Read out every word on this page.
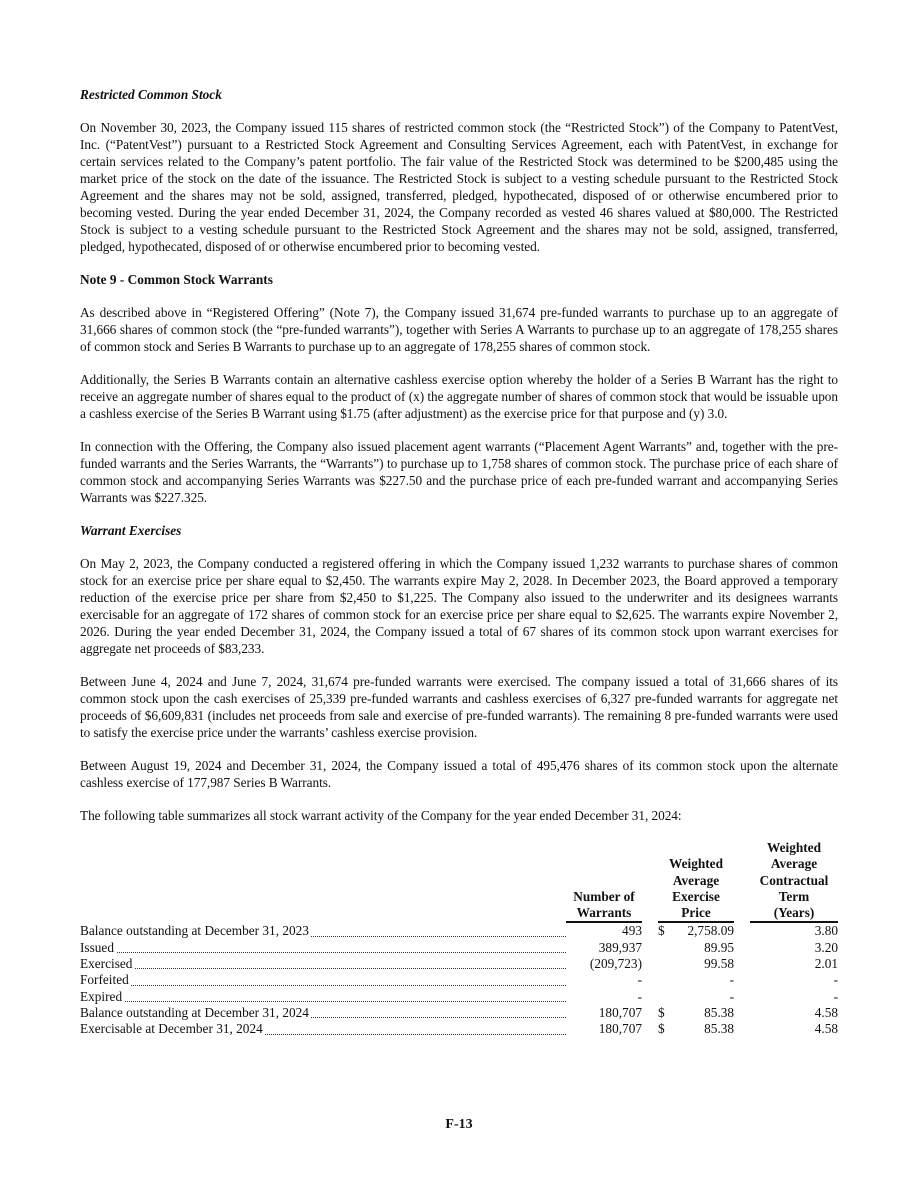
Restricted Common Stock

On November 30, 2023, the Company issued 115 shares of restricted common stock (the “Restricted Stock”) of the Company to PatentVest, Inc. (“PatentVest”) pursuant to a Restricted Stock Agreement and Consulting Services Agreement, each with PatentVest, in exchange for certain services related to the Company’s patent portfolio. The fair value of the Restricted Stock was determined to be $200,485 using the market price of the stock on the date of the issuance. The Restricted Stock is subject to a vesting schedule pursuant to the Restricted Stock Agreement and the shares may not be sold, assigned, transferred, pledged, hypothecated, disposed of or otherwise encumbered prior to becoming vested. During the year ended December 31, 2024, the Company recorded as vested 46 shares valued at $80,000. The Restricted Stock is subject to a vesting schedule pursuant to the Restricted Stock Agreement and the shares may not be sold, assigned, transferred, pledged, hypothecated, disposed of or otherwise encumbered prior to becoming vested.

Note 9 - Common Stock Warrants

As described above in “Registered Offering” (Note 7), the Company issued 31,674 pre-funded warrants to purchase up to an aggregate of 31,666 shares of common stock (the “pre-funded warrants”), together with Series A Warrants to purchase up to an aggregate of 178,255 shares of common stock and Series B Warrants to purchase up to an aggregate of 178,255 shares of common stock.

Additionally, the Series B Warrants contain an alternative cashless exercise option whereby the holder of a Series B Warrant has the right to receive an aggregate number of shares equal to the product of (x) the aggregate number of shares of common stock that would be issuable upon a cashless exercise of the Series B Warrant using $1.75 (after adjustment) as the exercise price for that purpose and (y) 3.0.

In connection with the Offering, the Company also issued placement agent warrants (“Placement Agent Warrants” and, together with the pre-funded warrants and the Series Warrants, the “Warrants”) to purchase up to 1,758 shares of common stock. The purchase price of each share of common stock and accompanying Series Warrants was $227.50 and the purchase price of each pre-funded warrant and accompanying Series Warrants was $227.325.

Warrant Exercises

On May 2, 2023, the Company conducted a registered offering in which the Company issued 1,232 warrants to purchase shares of common stock for an exercise price per share equal to $2,450. The warrants expire May 2, 2028. In December 2023, the Board approved a temporary reduction of the exercise price per share from $2,450 to $1,225. The Company also issued to the underwriter and its designees warrants exercisable for an aggregate of 172 shares of common stock for an exercise price per share equal to $2,625. The warrants expire November 2, 2026. During the year ended December 31, 2024, the Company issued a total of 67 shares of its common stock upon warrant exercises for aggregate net proceeds of $83,233.

Between June 4, 2024 and June 7, 2024, 31,674 pre-funded warrants were exercised. The company issued a total of 31,666 shares of its common stock upon the cash exercises of 25,339 pre-funded warrants and cashless exercises of 6,327 pre-funded warrants for aggregate net proceeds of $6,609,831 (includes net proceeds from sale and exercise of pre-funded warrants). The remaining 8 pre-funded warrants were used to satisfy the exercise price under the warrants’ cashless exercise provision.

Between August 19, 2024 and December 31, 2024, the Company issued a total of 495,476 shares of its common stock upon the alternate cashless exercise of 177,987 Series B Warrants.

The following table summarizes all stock warrant activity of the Company for the year ended December 31, 2024:

Number of
Warrants

Weighted
Average
Exercise
Price

Weighted
Average
Contractual
Term
(Years)

Balance outstanding at December 31, 2023	493		$	2,758.09		3.80
Issued	389,937			89.95		3.20
Exercised	(209,723)			99.58		2.01
Forfeited	-			-		-
Expired	-			-		-
Balance outstanding at December 31, 2024	180,707		$	85.38		4.58
Exercisable at December 31, 2024	180,707		$	85.38		4.58
F-13
